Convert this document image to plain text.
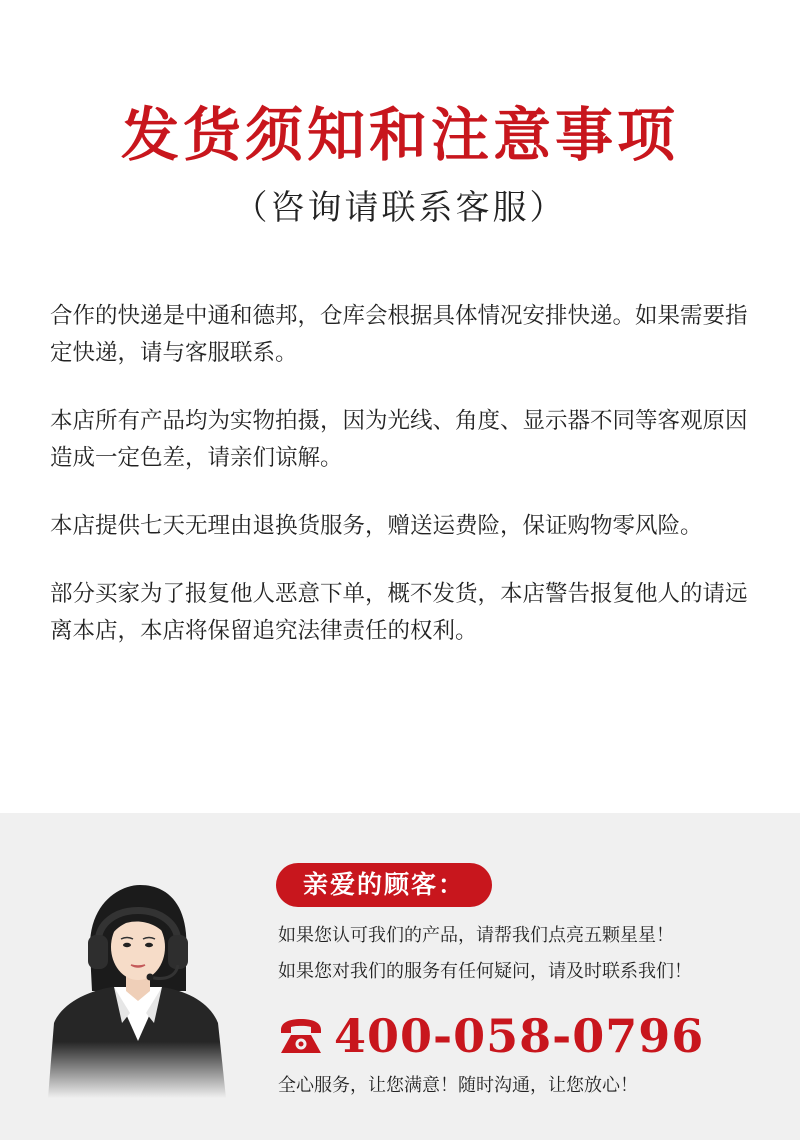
发货须知和注意事项
（咨询请联系客服）

合作的快递是中通和德邦，仓库会根据具体情况安排快递。如果需要指定快递，请与客服联系。

本店所有产品均为实物拍摄，因为光线、角度、显示器不同等客观原因造成一定色差，请亲们谅解。

本店提供七天无理由退换货服务，赠送运费险，保证购物零风险。

部分买家为了报复他人恶意下单，概不发货，本店警告报复他人的请远离本店，本店将保留追究法律责任的权利。

亲爱的顾客：
如果您认可我们的产品，请帮我们点亮五颗星星！
如果您对我们的服务有任何疑问，请及时联系我们！
400-058-0796
全心服务，让您满意！随时沟通，让您放心！
